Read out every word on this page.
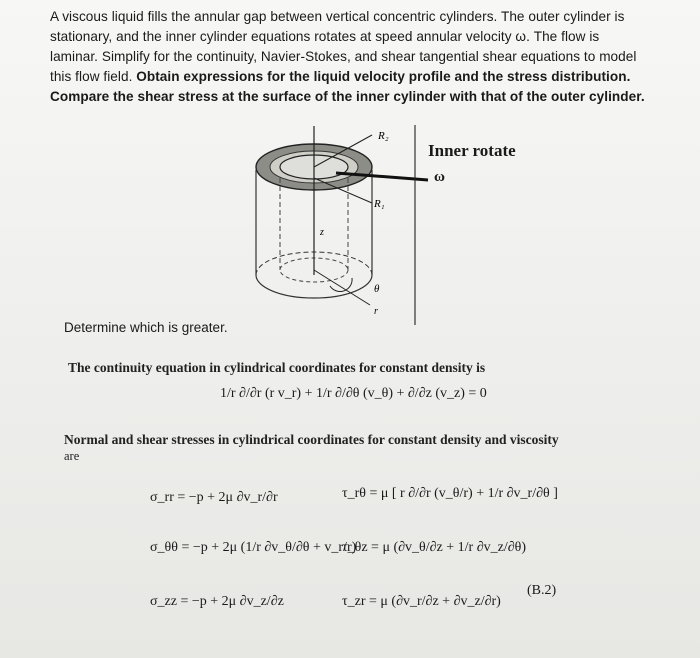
A viscous liquid fills the annular gap between vertical concentric cylinders. The outer cylinder is

stationary, and the inner cylinder equations rotates at speed annular velocity ω. The flow is

laminar. Simplify for the continuity, Navier-Stokes, and shear tangential shear equations to model

this flow field. Obtain expressions for the liquid velocity profile and the stress distribution.

Compare the shear stress at the surface of the inner cylinder with that of the outer cylinder.

R₂
R₁
z
θ
r
Inner rotate
ω
Determine which is greater.
The continuity equation in cylindrical coordinates for constant density is
1/r ∂/∂r (r v_r) + 1/r ∂/∂θ (v_θ) + ∂/∂z (v_z) = 0
Normal and shear stresses in cylindrical coordinates for constant density and viscosity
are
σ_rr = −p + 2μ ∂v_r/∂r
σ_θθ = −p + 2μ (1/r ∂v_θ/∂θ + v_r/r)
σ_zz = −p + 2μ ∂v_z/∂z
τ_rθ = μ [ r ∂/∂r (v_θ/r) + 1/r ∂v_r/∂θ ]
τ_θz = μ (∂v_θ/∂z + 1/r ∂v_z/∂θ)
τ_zr = μ (∂v_r/∂z + ∂v_z/∂r)
(B.2)
